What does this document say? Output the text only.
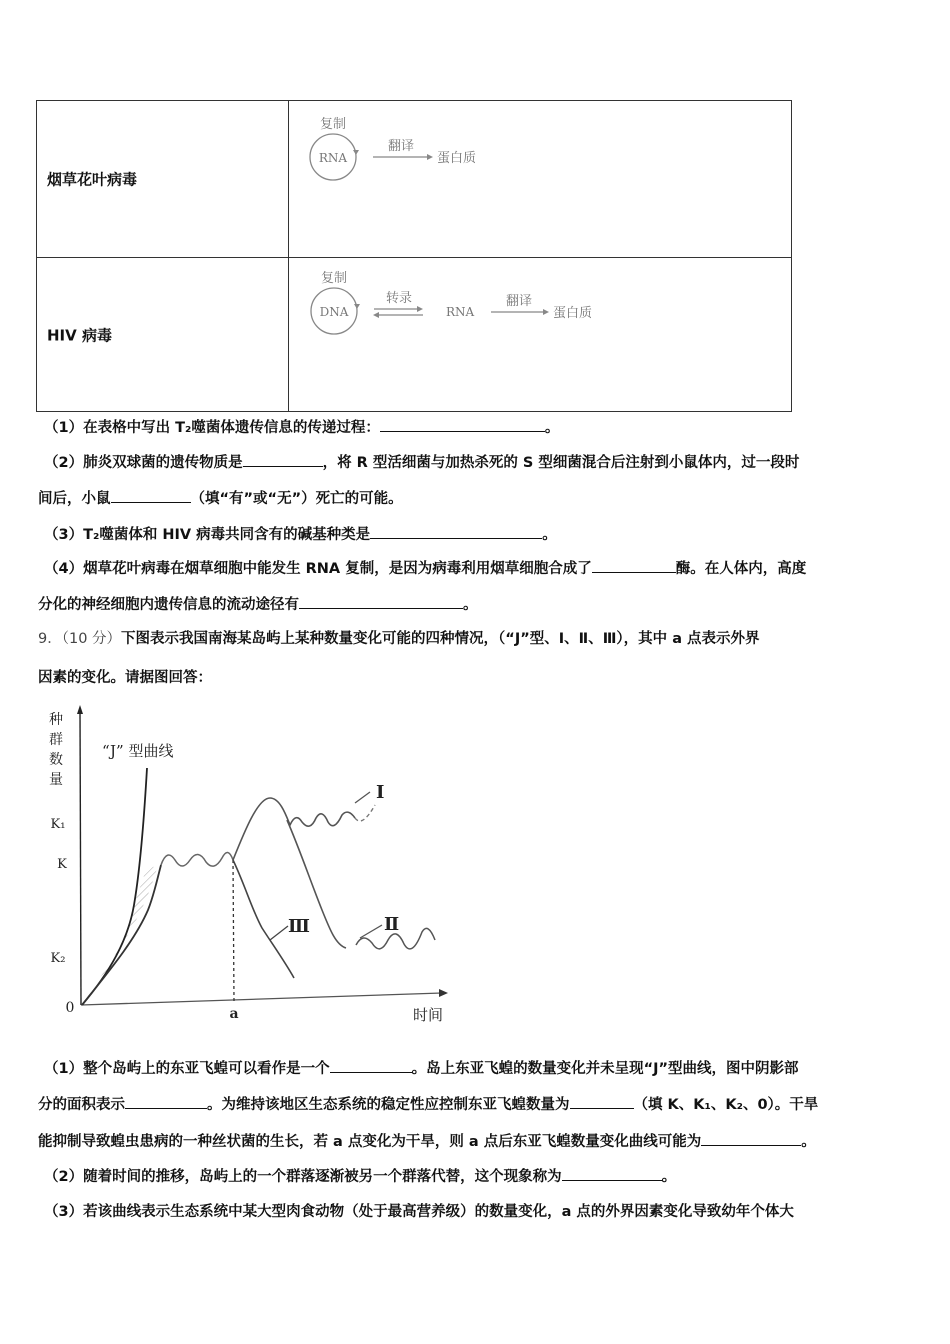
烟草花叶病毒
复制
RNA
翻译
蛋白质
HIV 病毒
复制
DNA
转录
RNA
翻译
蛋白质
（1）在表格中写出 T₂噬菌体遗传信息的传递过程：	。
（2）肺炎双球菌的遗传物质是	，将 R 型活细菌与加热杀死的 S 型细菌混合后注射到小鼠体内，过一段时
间后，小鼠	（填“有”或“无”）死亡的可能。
（3）T₂噬菌体和 HIV 病毒共同含有的碱基种类是	。
（4）烟草花叶病毒在烟草细胞中能发生 RNA 复制，是因为病毒利用烟草细胞合成了	酶。在人体内，高度
分化的神经细胞内遗传信息的流动途径有	。
9．（10 分）下图表示我国南海某岛屿上某种数量变化可能的四种情况，（“J”型、Ⅰ、Ⅱ、Ⅲ），其中 a 点表示外界
因素的变化。请据图回答：
种
群
数
量
K₁
K
K₂
0	a	时间
“J” 型曲线
Ⅰ
Ⅱ
Ⅲ
（1）整个岛屿上的东亚飞蝗可以看作是一个	。岛上东亚飞蝗的数量变化并未呈现“J”型曲线，图中阴影部
分的面积表示	。为维持该地区生态系统的稳定性应控制东亚飞蝗数量为	（填 K、K₁、K₂、0）。干旱
能抑制导致蝗虫患病的一种丝状菌的生长，若 a 点变化为干旱，则 a 点后东亚飞蝗数量变化曲线可能为	。
（2）随着时间的推移，岛屿上的一个群落逐渐被另一个群落代替，这个现象称为	。
（3）若该曲线表示生态系统中某大型肉食动物（处于最高营养级）的数量变化，a 点的外界因素变化导致幼年个体大
